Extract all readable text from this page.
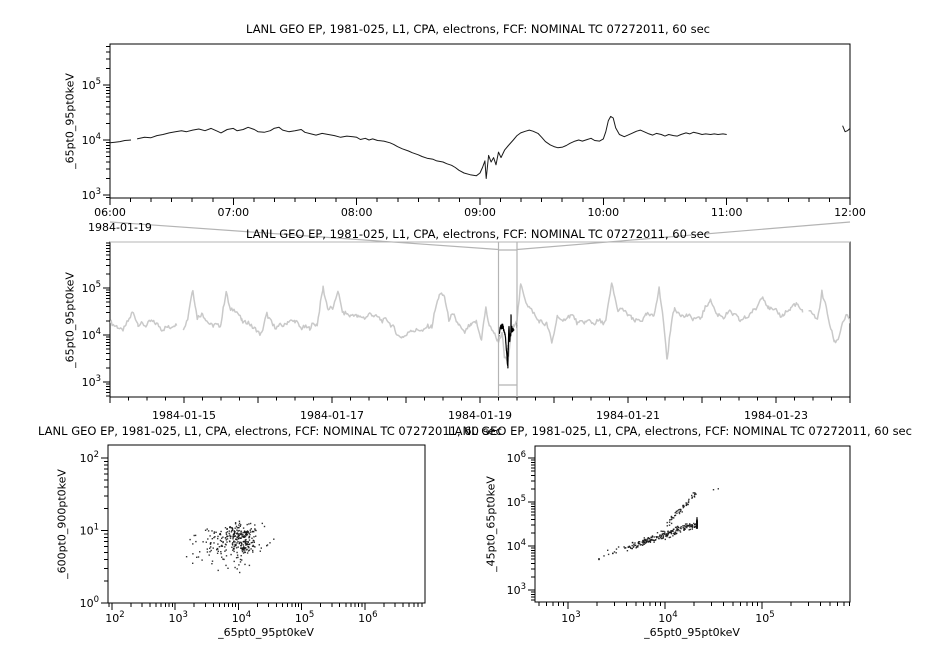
$10^3$
$10^4$
$10^5$
06:00	07:00	08:00	09:00	10:00	11:00	12:00
$10^3$
$10^4$
$10^5$
1984-01-15	1984-01-17	1984-01-19	1984-01-21	1984-01-23
$10^0$
$10^1$
$10^2$
$10^2$	$10^3$	$10^4$	$10^5$	$10^6$
$10^3$
$10^4$
$10^5$
$10^6$
$10^3$	$10^4$	$10^5$
LANL GEO EP, 1981-025, L1, CPA, electrons, FCF: NOMINAL TC 07272011, 60 sec
LANL GEO EP, 1981-025, L1, CPA, electrons, FCF: NOMINAL TC 07272011, 60 sec
LANL GEO EP, 1981-025, L1, CPA, electrons, FCF: NOMINAL TC 07272011, 60 sec
LANL GEO EP, 1981-025, L1, CPA, electrons, FCF: NOMINAL TC 07272011, 60 sec
_65pt0_95pt0keV
_65pt0_95pt0keV
_600pt0_900pt0keV	_45pt0_65pt0keV
_65pt0_95pt0keV	_65pt0_95pt0keV
1984-01-19
